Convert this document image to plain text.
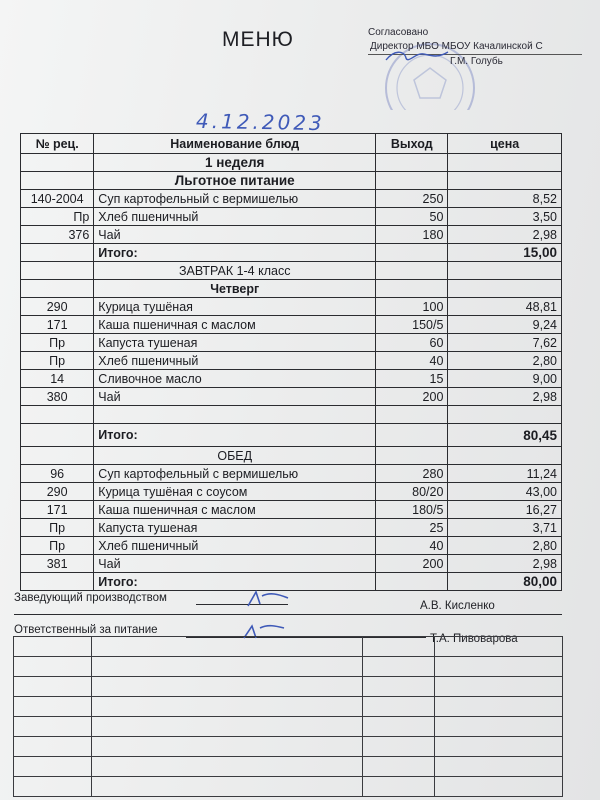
МЕНЮ	Согласовано
Директор МБО МБОУ Качалинской С
Г.М. Голубь
4.12.2023
№ рец.	Наименование блюд	Выход	цена
	1 неделя		
	Льготное питание		
140-2004	Суп картофельный с вермишелью	250	8,52
Пр	Хлеб пшеничный	50	3,50
376	Чай	180	2,98
	Итого:		15,00
	ЗАВТРАК 1-4 класс		
	Четверг		
290	Курица тушёная	100	48,81
171	Каша пшеничная с маслом	150/5	9,24
Пр	Капуста тушеная	60	7,62
Пр	Хлеб пшеничный	40	2,80
14	Сливочное масло	15	9,00
380	Чай	200	2,98

	Итого:		80,45
	ОБЕД		
96	Суп картофельный с вермишелью	280	11,24
290	Курица тушёная с соусом	80/20	43,00
171	Каша пшеничная с маслом	180/5	16,27
Пр	Капуста тушеная	25	3,71
Пр	Хлеб пшеничный	40	2,80
381	Чай	200	2,98
	Итого:		80,00
Заведующий производством
А.В. Кисленко
Ответственный за питание
Т.А. Пивоварова
